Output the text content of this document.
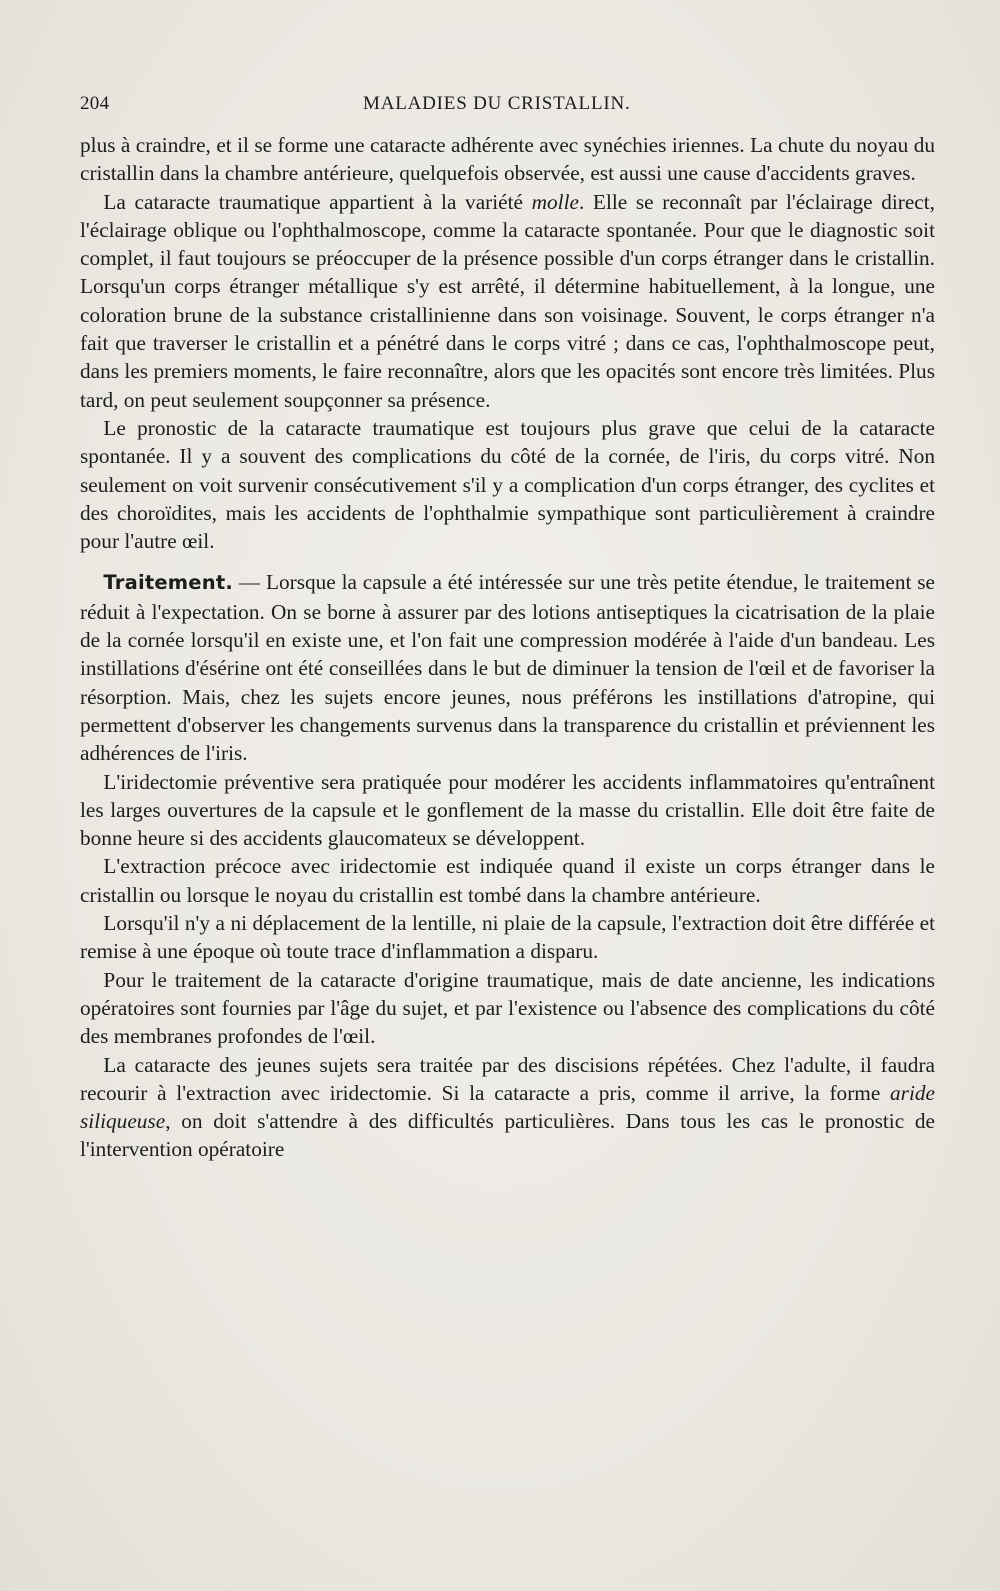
204	MALADIES DU CRISTALLIN.

plus à craindre, et il se forme une cataracte adhérente avec synéchies iriennes. La chute du noyau du cristallin dans la chambre antérieure, quelquefois observée, est aussi une cause d'accidents graves.

La cataracte traumatique appartient à la variété molle. Elle se reconnaît par l'éclairage direct, l'éclairage oblique ou l'ophthalmoscope, comme la cataracte spontanée. Pour que le diagnostic soit complet, il faut toujours se préoccuper de la présence possible d'un corps étranger dans le cristallin. Lorsqu'un corps étranger métallique s'y est arrêté, il détermine habituellement, à la longue, une coloration brune de la substance cristallinienne dans son voisinage. Souvent, le corps étranger n'a fait que traverser le cristallin et a pénétré dans le corps vitré ; dans ce cas, l'ophthalmoscope peut, dans les premiers moments, le faire reconnaître, alors que les opacités sont encore très limitées. Plus tard, on peut seulement soupçonner sa présence.

Le pronostic de la cataracte traumatique est toujours plus grave que celui de la cataracte spontanée. Il y a souvent des complications du côté de la cornée, de l'iris, du corps vitré. Non seulement on voit survenir consécutivement s'il y a complication d'un corps étranger, des cyclites et des choroïdites, mais les accidents de l'ophthalmie sympathique sont particulièrement à craindre pour l'autre œil.

Traitement. — Lorsque la capsule a été intéressée sur une très petite étendue, le traitement se réduit à l'expectation. On se borne à assurer par des lotions antiseptiques la cicatrisation de la plaie de la cornée lorsqu'il en existe une, et l'on fait une compression modérée à l'aide d'un bandeau. Les instillations d'ésérine ont été conseillées dans le but de diminuer la tension de l'œil et de favoriser la résorption. Mais, chez les sujets encore jeunes, nous préférons les instillations d'atropine, qui permettent d'observer les changements survenus dans la transparence du cristallin et préviennent les adhérences de l'iris.

L'iridectomie préventive sera pratiquée pour modérer les accidents inflammatoires qu'entraînent les larges ouvertures de la capsule et le gonflement de la masse du cristallin. Elle doit être faite de bonne heure si des accidents glaucomateux se développent.

L'extraction précoce avec iridectomie est indiquée quand il existe un corps étranger dans le cristallin ou lorsque le noyau du cristallin est tombé dans la chambre antérieure.

Lorsqu'il n'y a ni déplacement de la lentille, ni plaie de la capsule, l'extraction doit être différée et remise à une époque où toute trace d'inflammation a disparu.

Pour le traitement de la cataracte d'origine traumatique, mais de date ancienne, les indications opératoires sont fournies par l'âge du sujet, et par l'existence ou l'absence des complications du côté des membranes profondes de l'œil.

La cataracte des jeunes sujets sera traitée par des discisions répétées. Chez l'adulte, il faudra recourir à l'extraction avec iridectomie. Si la cataracte a pris, comme il arrive, la forme aride siliqueuse, on doit s'attendre à des difficultés particulières. Dans tous les cas le pronostic de l'intervention opératoire
